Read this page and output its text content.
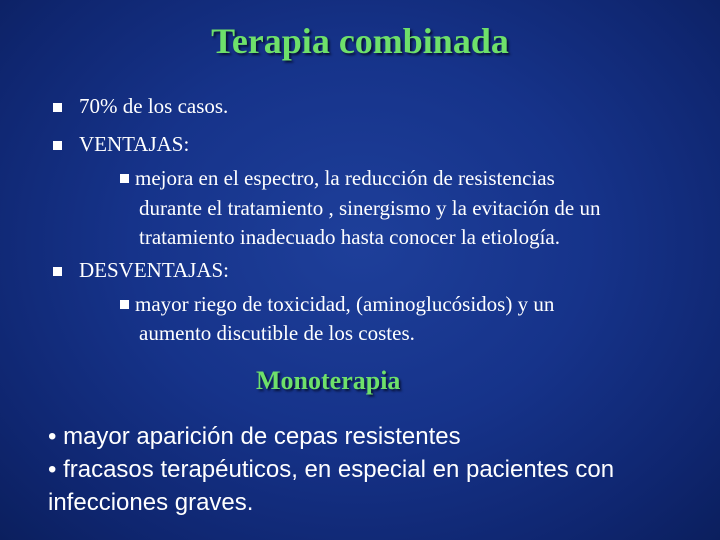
Terapia combinada
70% de los casos.
VENTAJAS:
mejora en el espectro, la reducción de resistencias
durante el tratamiento , sinergismo y la evitación de un
tratamiento inadecuado hasta conocer la etiología.
DESVENTAJAS:
mayor riego de toxicidad, (aminoglucósidos) y un
aumento discutible de los costes.
Monoterapia
• mayor aparición de cepas resistentes
• fracasos terapéuticos, en especial en pacientes con
infecciones graves.
